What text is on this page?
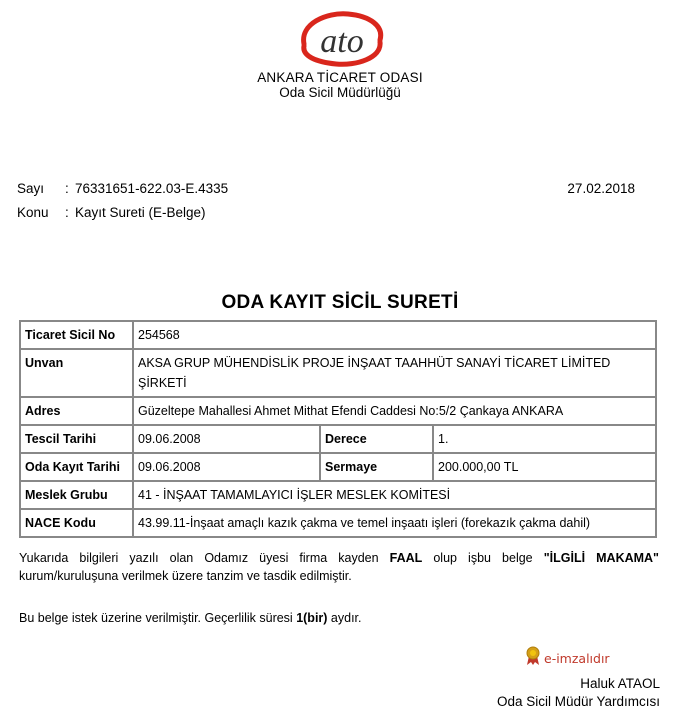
ato
ANKARA TİCARET ODASI
Oda Sicil Müdürlüğü
Sayı : 76331651-622.03-E.4335	27.02.2018
Konu : Kayıt Sureti (E-Belge)
ODA KAYIT SİCİL SURETİ
Ticaret Sicil No	254568		
Unvan	AKSA GRUP MÜHENDİSLİK PROJE İNŞAAT TAAHHÜT SANAYİ TİCARET LİMİTED ŞİRKETİ		
Adres	Güzeltepe Mahallesi Ahmet Mithat Efendi Caddesi No:5/2 Çankaya ANKARA		
Tescil Tarihi	09.06.2008	Derece	1.
Oda Kayıt Tarihi	09.06.2008	Sermaye	200.000,00 TL
Meslek Grubu	41 - İNŞAAT TAMAMLAYICI İŞLER MESLEK KOMİTESİ		
NACE Kodu	43.99.11-İnşaat amaçlı kazık çakma ve temel inşaatı işleri (forekazık çakma dahil)		
Yukarıda bilgileri yazılı olan Odamız üyesi firma kayden FAAL olup işbu belge "İLGİLİ MAKAMA" kurum/kuruluşuna verilmek üzere tanzim ve tasdik edilmiştir.
Bu belge istek üzerine verilmiştir. Geçerlilik süresi 1(bir) aydır.
e-imzalıdır
Haluk ATAOL
Oda Sicil Müdür Yardımcısı
